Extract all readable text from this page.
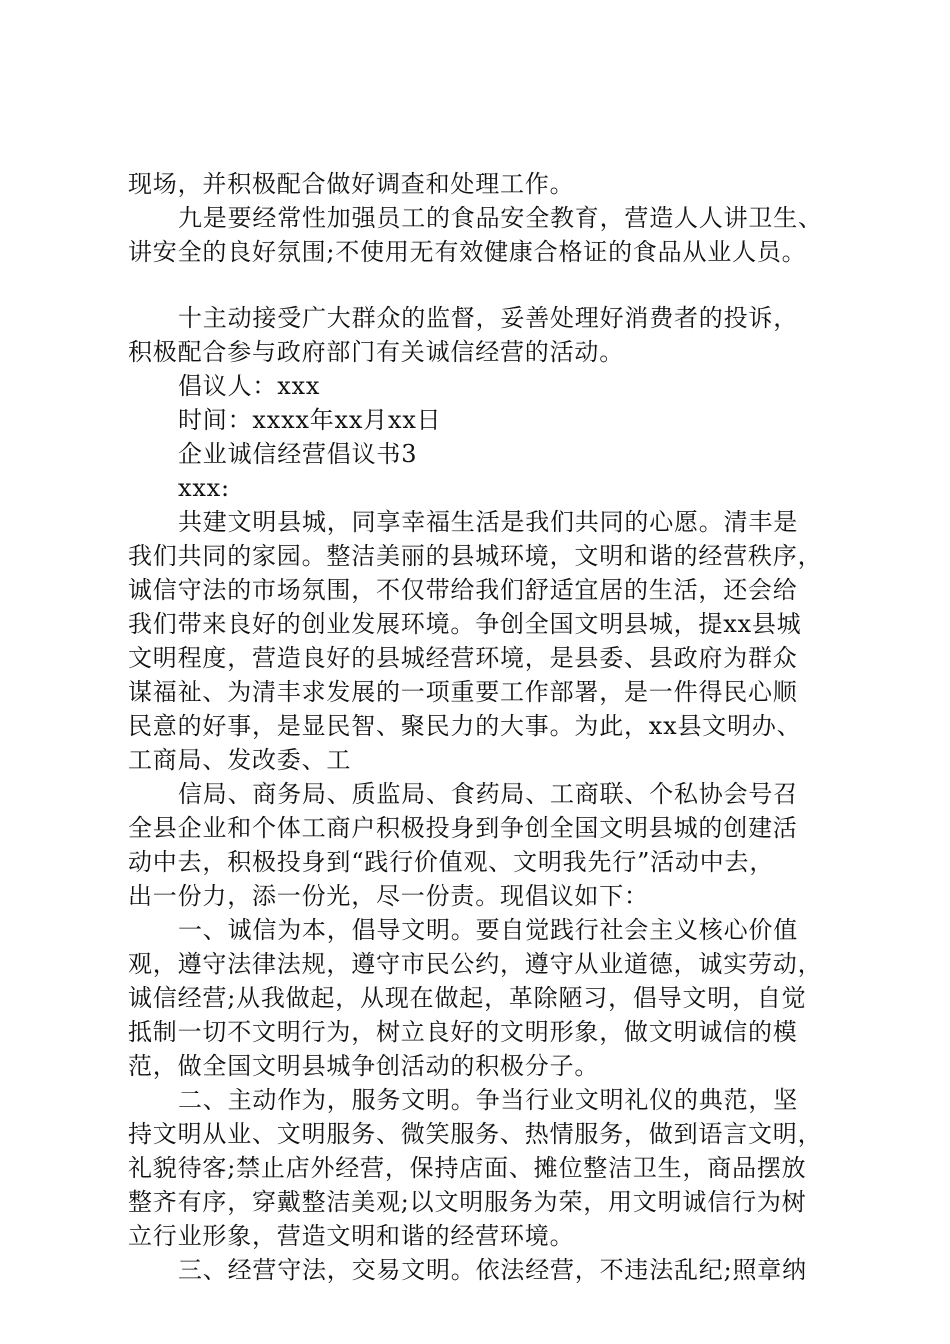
现场，并积极配合做好调查和处理工作。
九是要经常性加强员工的食品安全教育，营造人人讲卫生、
讲安全的良好氛围;不使用无有效健康合格证的食品从业人员。
十主动接受广大群众的监督，妥善处理好消费者的投诉，
积极配合参与政府部门有关诚信经营的活动。
倡议人：xxx
时间：xxxx年xx月xx日
企业诚信经营倡议书3
xxx:
共建文明县城，同享幸福生活是我们共同的心愿。清丰是
我们共同的家园。整洁美丽的县城环境，文明和谐的经营秩序，
诚信守法的市场氛围，不仅带给我们舒适宜居的生活，还会给
我们带来良好的创业发展环境。争创全国文明县城，提xx县城
文明程度，营造良好的县城经营环境，是县委、县政府为群众
谋福祉、为清丰求发展的一项重要工作部署，是一件得民心顺
民意的好事，是显民智、聚民力的大事。为此，xx县文明办、
工商局、发改委、工
信局、商务局、质监局、食药局、工商联、个私协会号召
全县企业和个体工商户积极投身到争创全国文明县城的创建活
动中去，积极投身到“践行价值观、文明我先行”活动中去，
出一份力，添一份光，尽一份责。现倡议如下：
一、诚信为本，倡导文明。要自觉践行社会主义核心价值
观，遵守法律法规，遵守市民公约，遵守从业道德，诚实劳动，
诚信经营;从我做起，从现在做起，革除陋习，倡导文明，自觉
抵制一切不文明行为，树立良好的文明形象，做文明诚信的模
范，做全国文明县城争创活动的积极分子。
二、主动作为，服务文明。争当行业文明礼仪的典范，坚
持文明从业、文明服务、微笑服务、热情服务，做到语言文明，
礼貌待客;禁止店外经营，保持店面、摊位整洁卫生，商品摆放
整齐有序，穿戴整洁美观;以文明服务为荣，用文明诚信行为树
立行业形象，营造文明和谐的经营环境。
三、经营守法，交易文明。依法经营，不违法乱纪;照章纳
